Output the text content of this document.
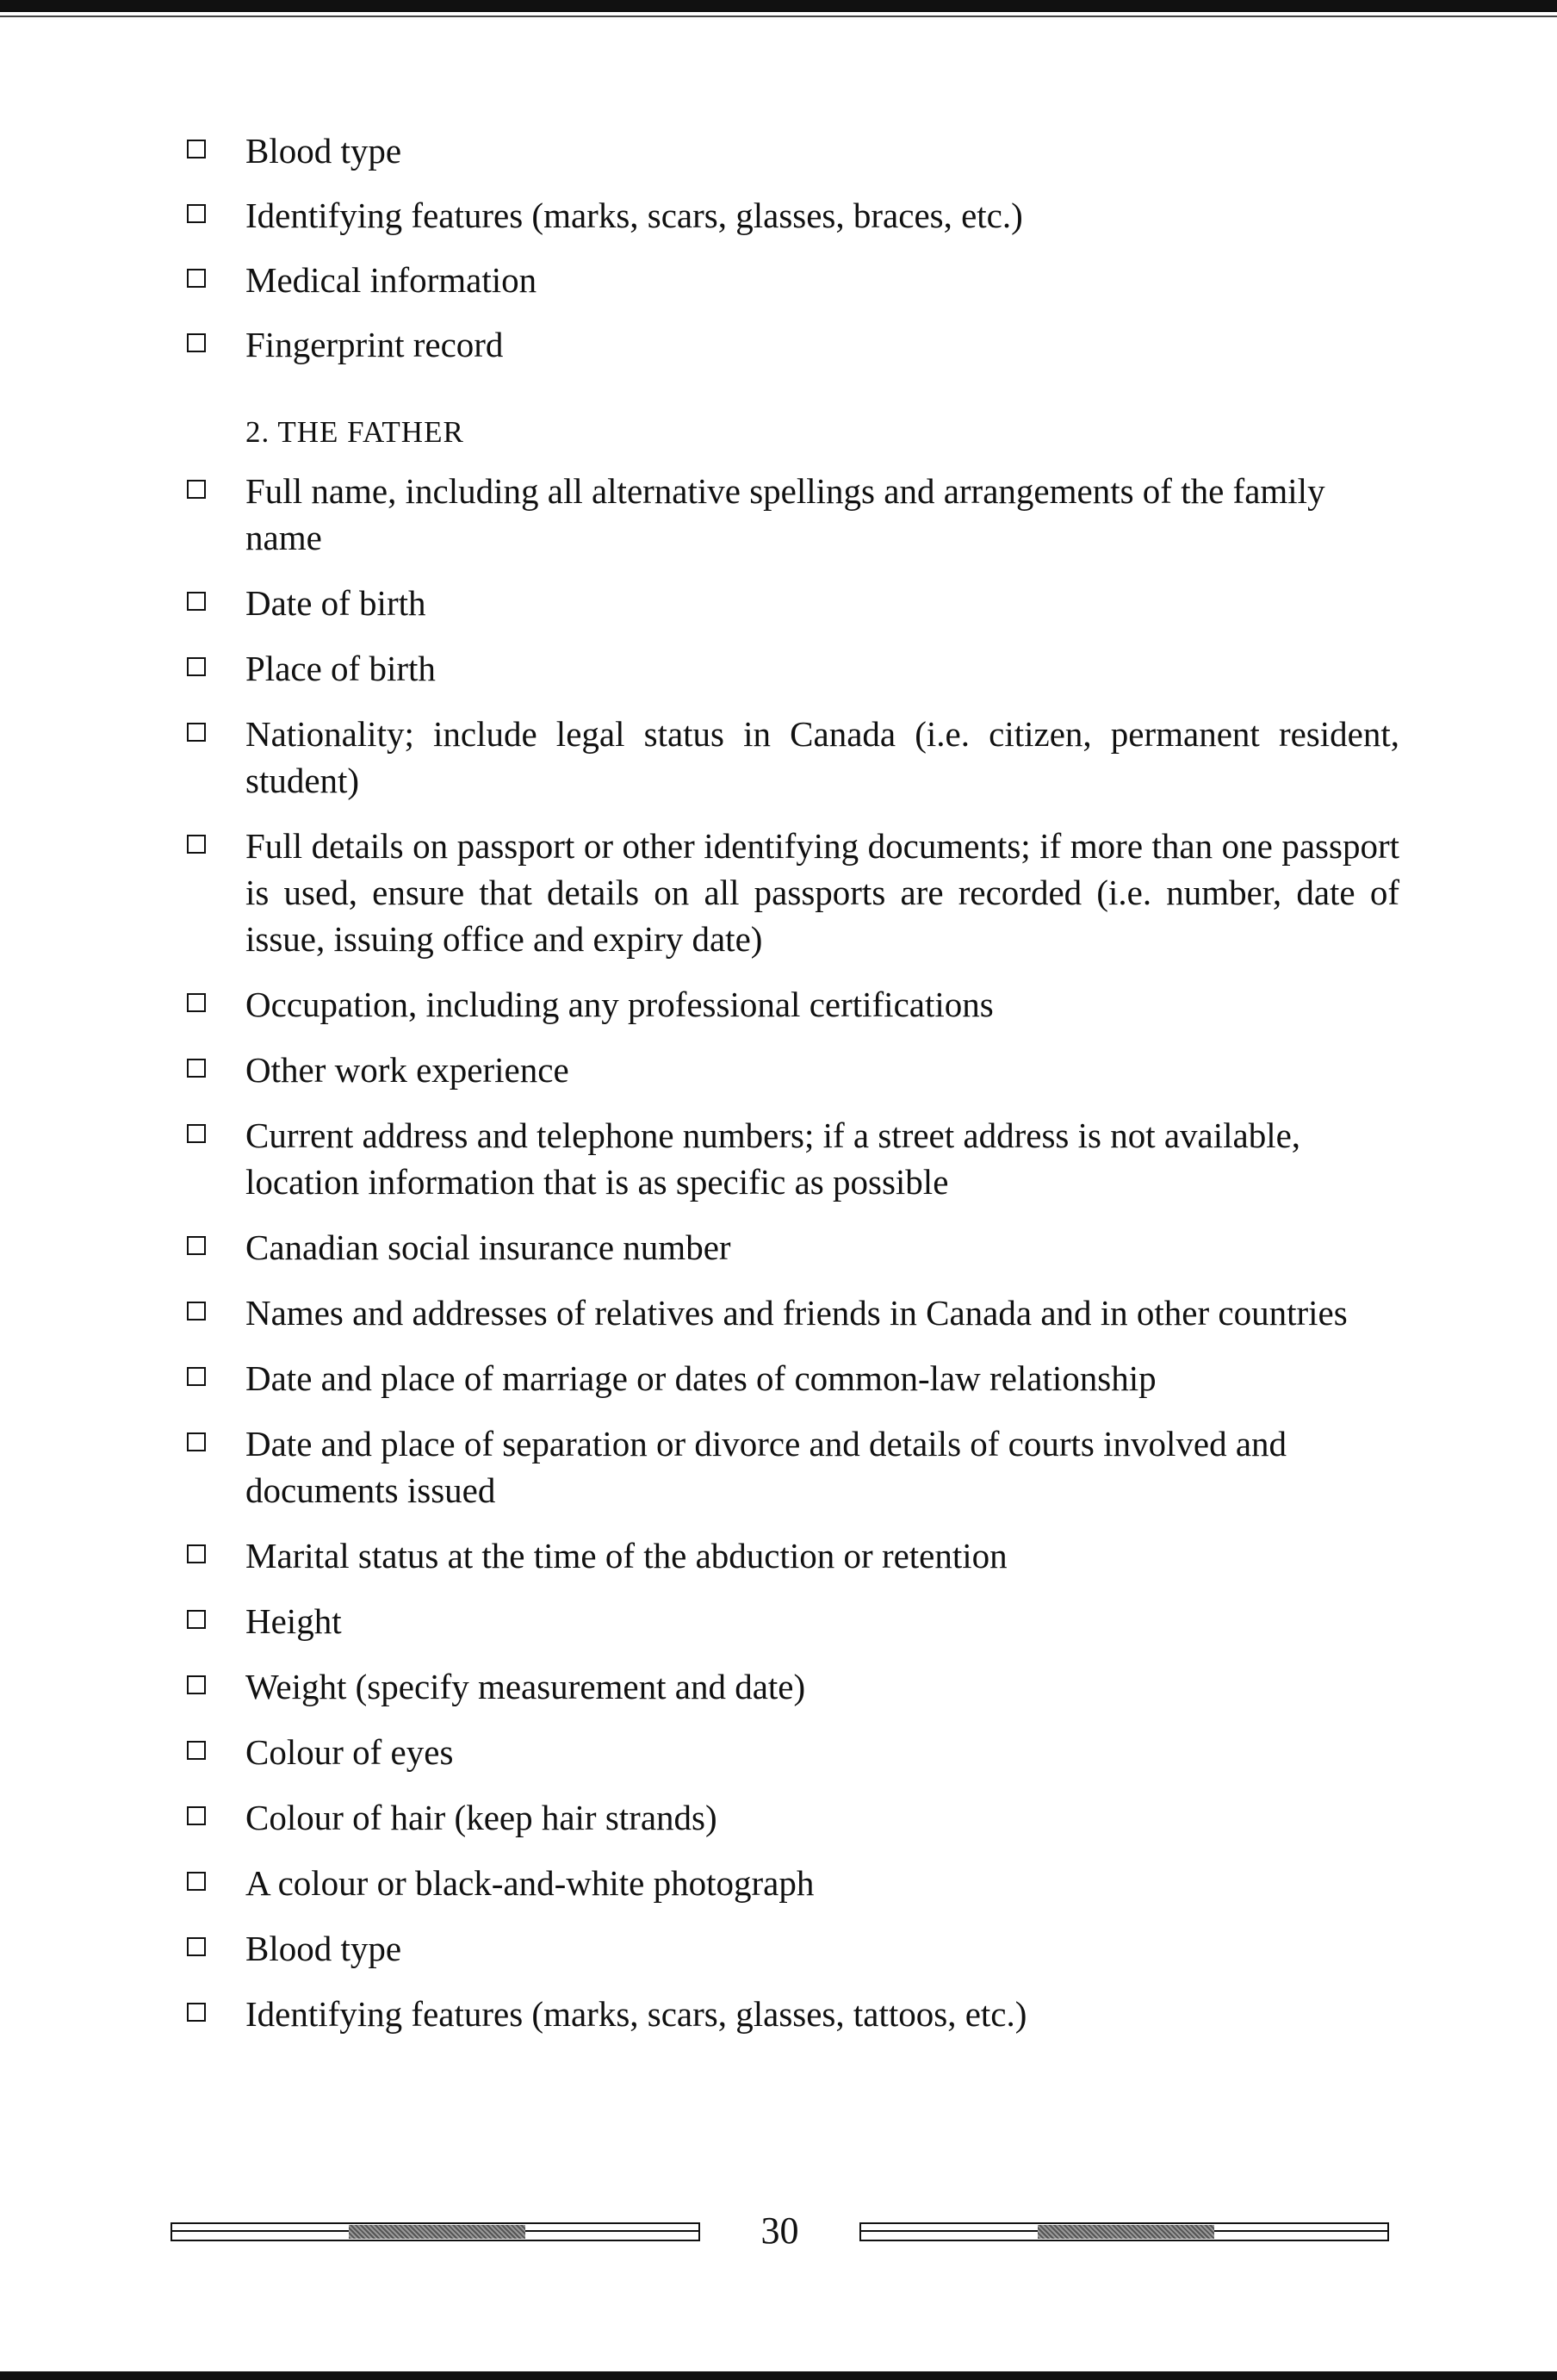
Blood type
Identifying features (marks, scars, glasses, braces, etc.)
Medical information
Fingerprint record
2. THE FATHER
Full name, including all alternative spellings and arrangements of the family name
Date of birth
Place of birth
Nationality; include legal status in Canada (i.e. citizen, permanent resident, student)
Full details on passport or other identifying documents; if more than one passport is used, ensure that details on all passports are recorded (i.e. number, date of issue, issuing office and expiry date)
Occupation, including any professional certifications
Other work experience
Current address and telephone numbers; if a street address is not available, location information that is as specific as possible
Canadian social insurance number
Names and addresses of relatives and friends in Canada and in other countries
Date and place of marriage or dates of common-law relationship
Date and place of separation or divorce and details of courts involved and documents issued
Marital status at the time of the abduction or retention
Height
Weight (specify measurement and date)
Colour of eyes
Colour of hair (keep hair strands)
A colour or black-and-white photograph
Blood type
Identifying features (marks, scars, glasses, tattoos, etc.)
30
